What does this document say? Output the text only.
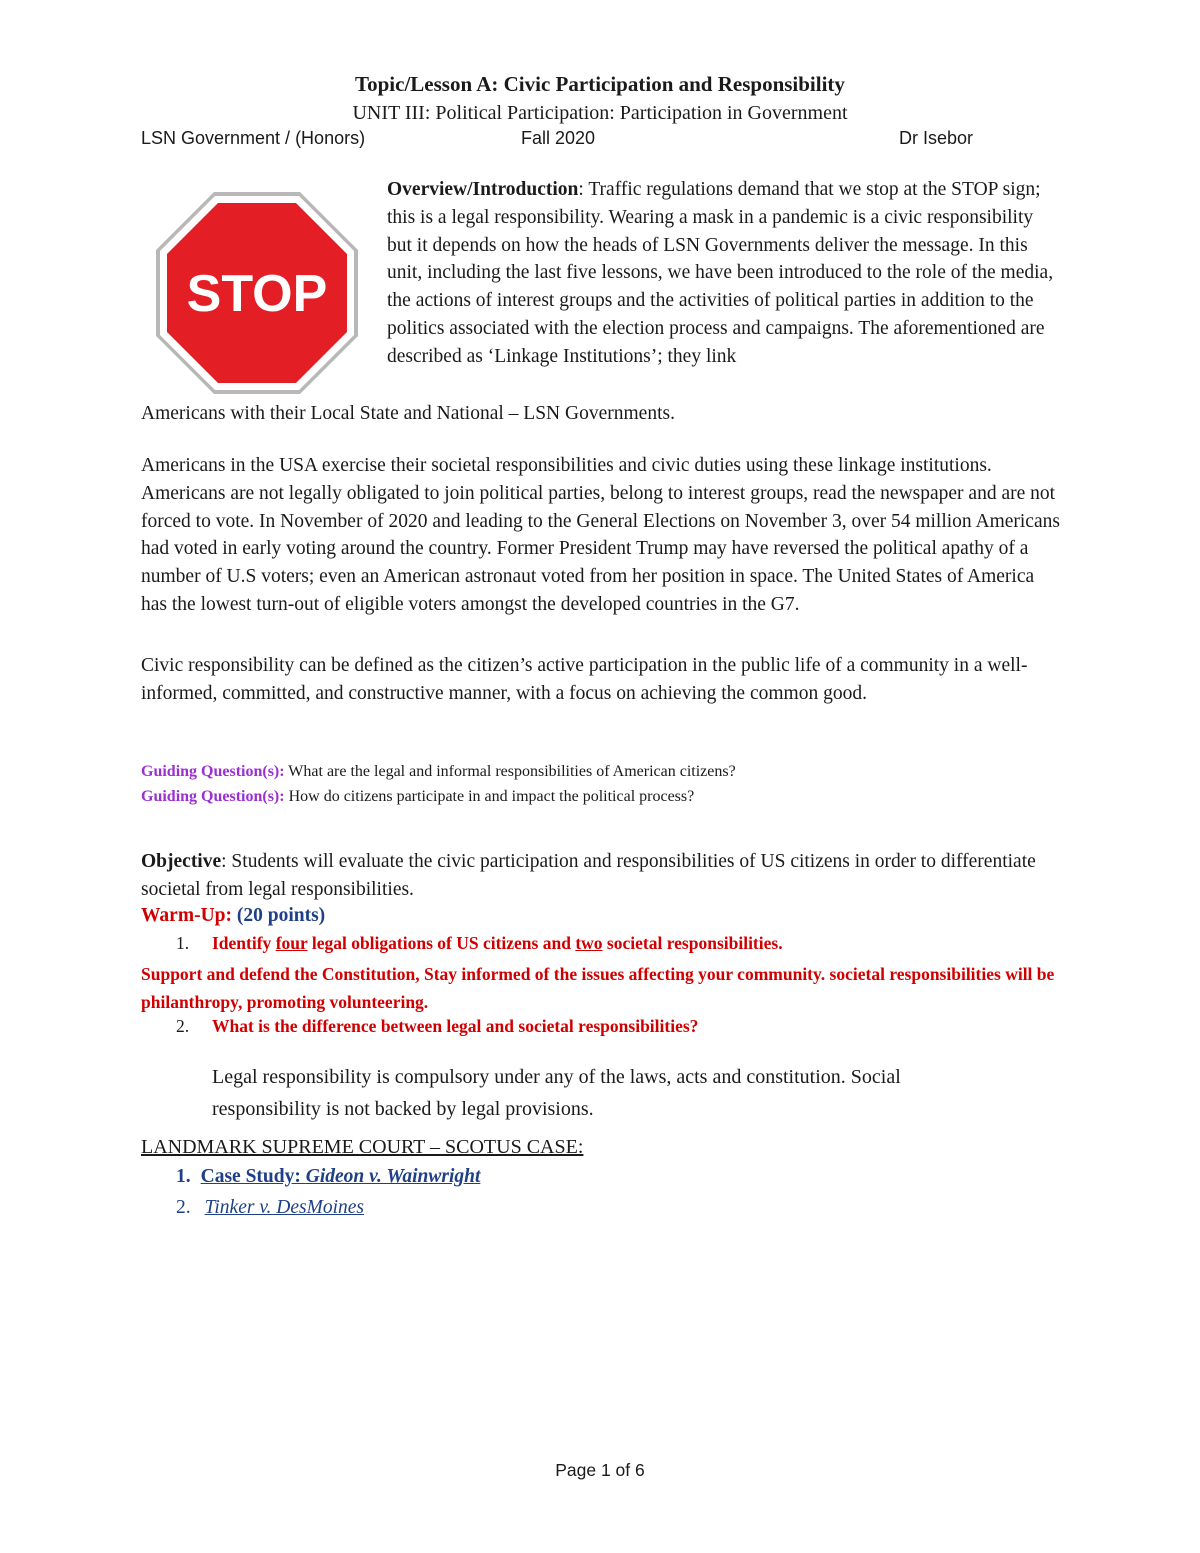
Topic/Lesson A: Civic Participation and Responsibility
UNIT III: Political Participation: Participation in Government
LSN Government / (Honors)	Fall 2020	Dr Isebor
STOP
Overview/Introduction: Traffic regulations demand that we stop at the STOP sign; this is a legal responsibility. Wearing a mask in a pandemic is a civic responsibility but it depends on how the heads of LSN Governments deliver the message. In this unit, including the last five lessons, we have been introduced to the role of the media, the actions of interest groups and the activities of political parties in addition to the politics associated with the election process and campaigns. The aforementioned are described as ‘Linkage Institutions’; they link
Americans with their Local State and National – LSN Governments.
Americans in the USA exercise their societal responsibilities and civic duties using these linkage institutions. Americans are not legally obligated to join political parties, belong to interest groups, read the newspaper and are not forced to vote. In November of 2020 and leading to the General Elections on November 3, over 54 million Americans had voted in early voting around the country. Former President Trump may have reversed the political apathy of a number of U.S voters; even an American astronaut voted from her position in space. The United States of America has the lowest turn-out of eligible voters amongst the developed countries in the G7.
Civic responsibility can be defined as the citizen’s active participation in the public life of a community in a well-informed, committed, and constructive manner, with a focus on achieving the common good.
Guiding Question(s): What are the legal and informal responsibilities of American citizens?
Guiding Question(s): How do citizens participate in and impact the political process?
Objective: Students will evaluate the civic participation and responsibilities of US citizens in order to differentiate societal from legal responsibilities.
Warm-Up: (20 points)
1. Identify four legal obligations of US citizens and two societal responsibilities.
Support and defend the Constitution, Stay informed of the issues affecting your community. societal responsibilities will be philanthropy, promoting volunteering.
2. What is the difference between legal and societal responsibilities?
Legal responsibility is compulsory under any of the laws, acts and constitution. Social responsibility is not backed by legal provisions.
LANDMARK SUPREME COURT – SCOTUS CASE:
1. Case Study: Gideon v. Wainwright
2. Tinker v. DesMoines
Page 1 of 6
